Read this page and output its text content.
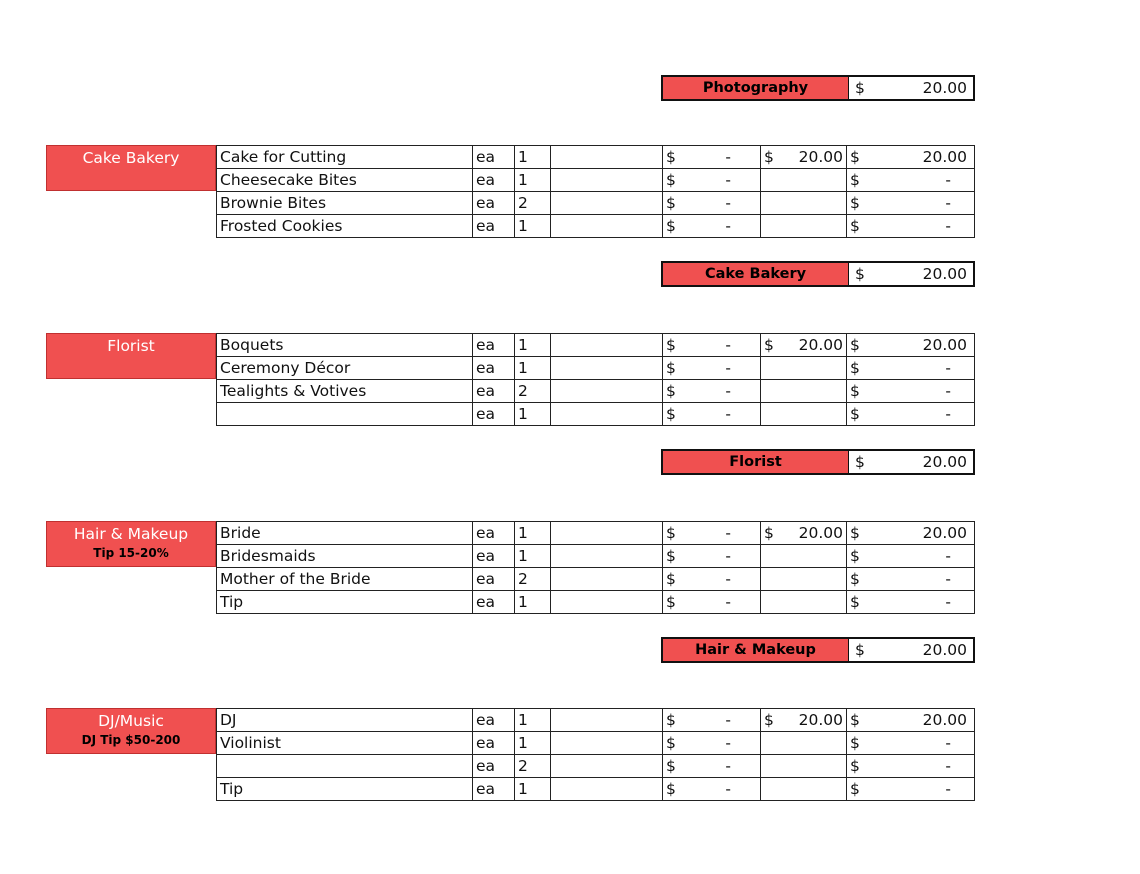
Photography	$	20.00
Cake Bakery	Cake for Cutting	ea	1		$ -	$ 20.00	$ 20.00

Cheesecake Bites	ea	1		$ -		$ -

Brownie Bites	ea	2		$ -		$ -

Frosted Cookies	ea	1		$ -		$ -
Cake Bakery	$	20.00
Florist	Boquets	ea	1		$ -	$ 20.00	$ 20.00

Ceremony Décor	ea	1		$ -		$ -

Tealights & Votives	ea	2		$ -		$ -

	ea	1		$ -		$ -
Florist	$	20.00
Hair & Makeup
Tip 15-20%
Bride	ea	1		$ -	$ 20.00	$ 20.00

Bridesmaids	ea	1		$ -		$ -

Mother of the Bride	ea	2		$ -		$ -

Tip	ea	1		$ -		$ -
Hair & Makeup	$	20.00
DJ/Music
DJ Tip $50-200
DJ	ea	1		$ -	$ 20.00	$ 20.00

Violinist	ea	1		$ -		$ -

	ea	2		$ -		$ -

Tip	ea	1		$ -		$ -
